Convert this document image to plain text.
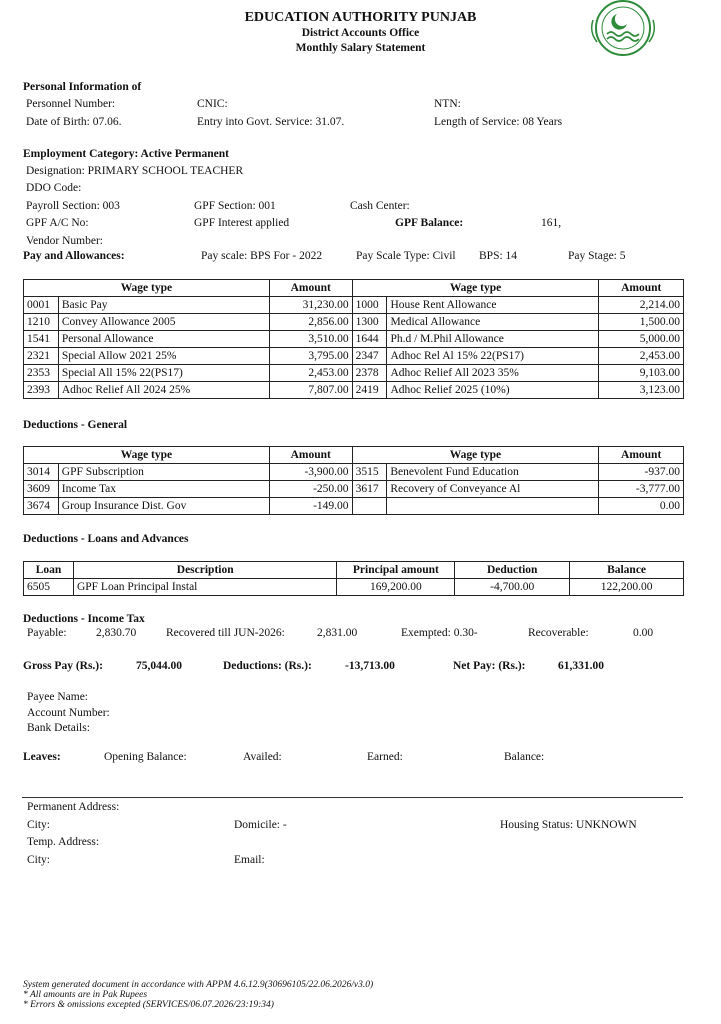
EDUCATION AUTHORITY PUNJAB
District Accounts Office
Monthly Salary Statement
Personal Information of
Personnel Number:	CNIC:	NTN:
Date of Birth: 07.06.	Entry into Govt. Service: 31.07.	Length of Service: 08 Years
Employment Category: Active Permanent
Designation: PRIMARY SCHOOL TEACHER
DDO Code:
Payroll Section: 003	GPF Section: 001	Cash Center:
GPF A/C No:	GPF Interest applied	GPF Balance:	161,
Vendor Number:
Pay and Allowances:	Pay scale: BPS For - 2022	Pay Scale Type: Civil BPS: 14	Pay Stage: 5
Wage type		Amount	Wage type		Amount
0001	Basic Pay	31,230.00	1000	House Rent Allowance	2,214.00
1210	Convey Allowance 2005	2,856.00	1300	Medical Allowance	1,500.00
1541	Personal Allowance	3,510.00	1644	Ph.d / M.Phil Allowance	5,000.00
2321	Special Allow 2021 25%	3,795.00	2347	Adhoc Rel Al 15% 22(PS17)	2,453.00
2353	Special All 15% 22(PS17)	2,453.00	2378	Adhoc Relief All 2023 35%	9,103.00
2393	Adhoc Relief All 2024 25%	7,807.00	2419	Adhoc Relief 2025 (10%)	3,123.00
Deductions - General
Wage type		Amount	Wage type		Amount
3014	GPF Subscription	-3,900.00	3515	Benevolent Fund Education	-937.00
3609	Income Tax	-250.00	3617	Recovery of Conveyance Al	-3,777.00
3674	Group Insurance Dist. Gov	-149.00			0.00
Deductions - Loans and Advances
Loan	Description	Principal amount	Deduction	Balance
6505	GPF Loan Principal Instal	169,200.00	-4,700.00	122,200.00
Deductions - Income Tax
Payable:	2,830.70	Recovered till JUN-2026:	2,831.00	Exempted: 0.30-	Recoverable:	0.00
Gross Pay (Rs.):	75,044.00	Deductions: (Rs.):	-13,713.00	Net Pay: (Rs.):	61,331.00
Payee Name:
Account Number:
Bank Details:
Leaves:	Opening Balance:	Availed:	Earned:	Balance:
Permanent Address:
City:	Domicile: -	Housing Status: UNKNOWN
Temp. Address:
City:	Email:
System generated document in accordance with APPM 4.6.12.9(30696105/22.06.2026/v3.0)
* All amounts are in Pak Rupees
* Errors & omissions excepted (SERVICES/06.07.2026/23:19:34)
